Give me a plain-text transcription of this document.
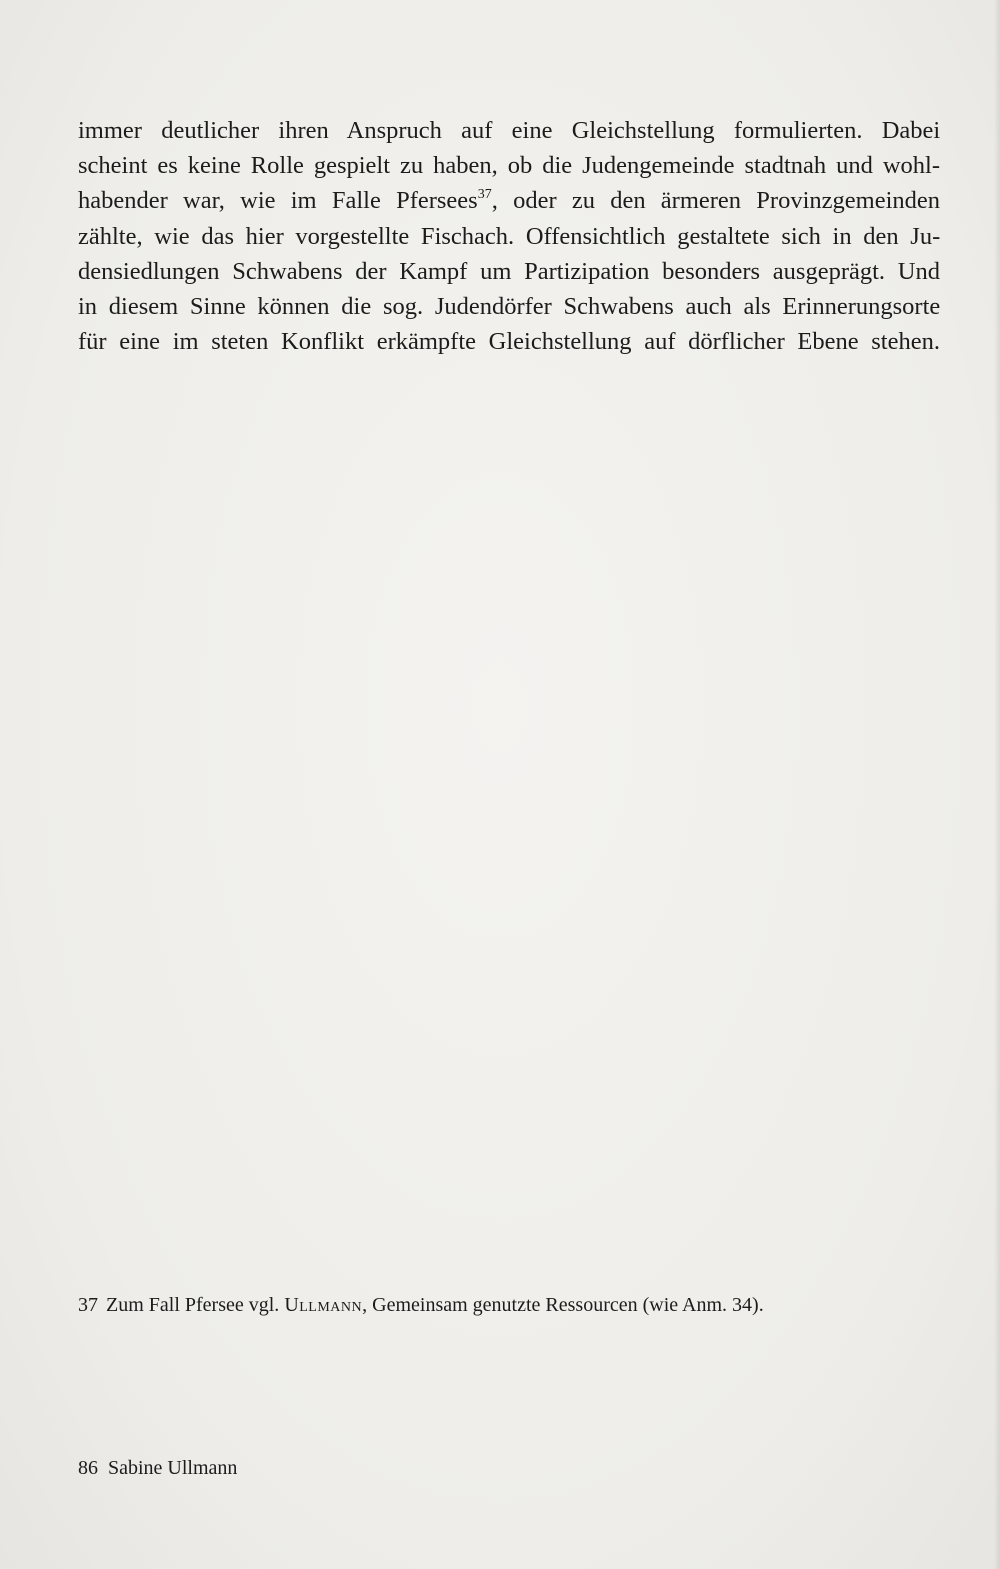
immer deutlicher ihren Anspruch auf eine Gleichstellung formulierten. Dabei
scheint es keine Rolle gespielt zu haben, ob die Judengemeinde stadtnah und wohl-
habender war, wie im Falle Pfersees$^{37}$, oder zu den ärmeren Provinzgemeinden
zählte, wie das hier vorgestellte Fischach. Offensichtlich gestaltete sich in den Ju-
densiedlungen Schwabens der Kampf um Partizipation besonders ausgeprägt. Und
in diesem Sinne können die sog. Judendörfer Schwabens auch als Erinnerungsorte
für eine im steten Konflikt erkämpfte Gleichstellung auf dörflicher Ebene stehen.
37 Zum Fall Pfersee vgl. Ullmann, Gemeinsam genutzte Ressourcen (wie Anm. 34).
86 Sabine Ullmann
